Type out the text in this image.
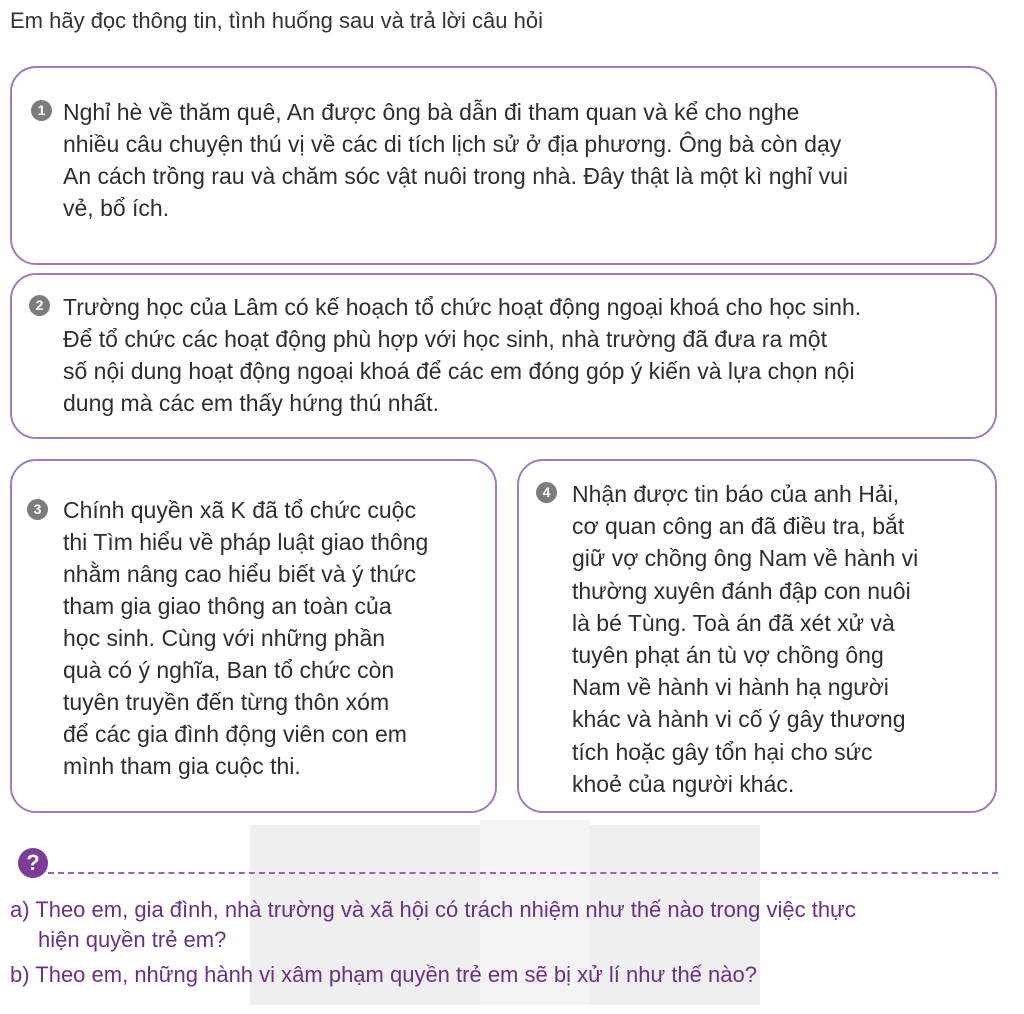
Em hãy đọc thông tin, tình huống sau và trả lời câu hỏi
1 Nghỉ hè về thăm quê, An được ông bà dẫn đi tham quan và kể cho nghe
nhiều câu chuyện thú vị về các di tích lịch sử ở địa phương. Ông bà còn dạy
An cách trồng rau và chăm sóc vật nuôi trong nhà. Đây thật là một kì nghỉ vui
vẻ, bổ ích.
2 Trường học của Lâm có kế hoạch tổ chức hoạt động ngoại khoá cho học sinh.
Để tổ chức các hoạt động phù hợp với học sinh, nhà trường đã đưa ra một
số nội dung hoạt động ngoại khoá để các em đóng góp ý kiến và lựa chọn nội
dung mà các em thấy hứng thú nhất.
3 Chính quyền xã K đã tổ chức cuộc
thi Tìm hiểu về pháp luật giao thông
nhằm nâng cao hiểu biết và ý thức
tham gia giao thông an toàn của
học sinh. Cùng với những phần
quà có ý nghĩa, Ban tổ chức còn
tuyên truyền đến từng thôn xóm
để các gia đình động viên con em
mình tham gia cuộc thi.
4 Nhận được tin báo của anh Hải,
cơ quan công an đã điều tra, bắt
giữ vợ chồng ông Nam về hành vi
thường xuyên đánh đập con nuôi
là bé Tùng. Toà án đã xét xử và
tuyên phạt án tù vợ chồng ông
Nam về hành vi hành hạ người
khác và hành vi cố ý gây thương
tích hoặc gây tổn hại cho sức
khoẻ của người khác.
?
a) Theo em, gia đình, nhà trường và xã hội có trách nhiệm như thế nào trong việc thực
hiện quyền trẻ em?
b) Theo em, những hành vi xâm phạm quyền trẻ em sẽ bị xử lí như thế nào?
